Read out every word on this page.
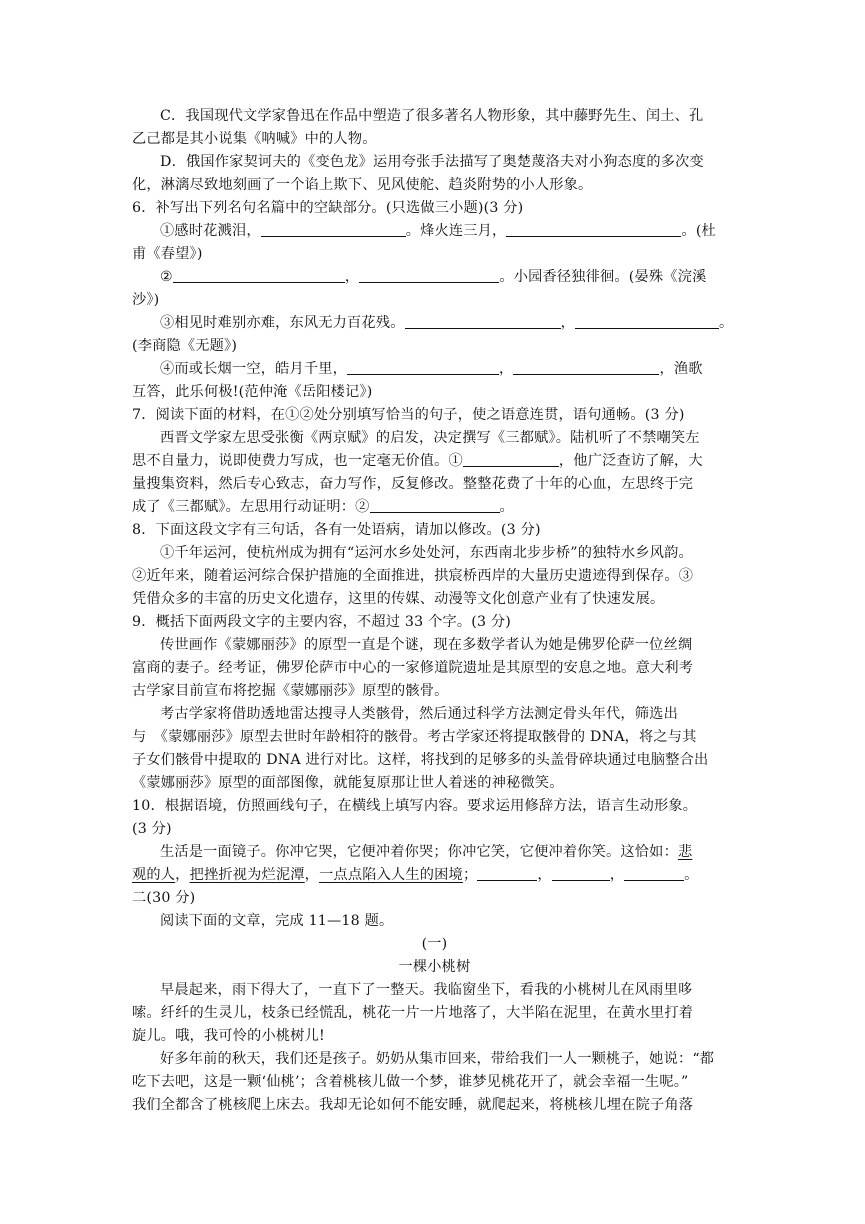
C．我国现代文学家鲁迅在作品中塑造了很多著名人物形象，其中藤野先生、闰土、孔
乙己都是其小说集《呐喊》中的人物。
D．俄国作家契诃夫的《变色龙》运用夸张手法描写了奥楚蔑洛夫对小狗态度的多次变
化，淋漓尽致地刻画了一个谄上欺下、见风使舵、趋炎附势的小人形象。
6．补写出下列名句名篇中的空缺部分。(只选做三小题)(3 分)
①感时花溅泪，	。烽火连三月，	。(杜
甫《春望》)
②	，	。小园香径独徘徊。(晏殊《浣溪
沙》)
③相见时难别亦难，东风无力百花残。	，	。
(李商隐《无题》)
④而或长烟一空，皓月千里，	，	，渔歌
互答，此乐何极!(范仲淹《岳阳楼记》)
7．阅读下面的材料，在①②处分别填写恰当的句子，使之语意连贯，语句通畅。(3 分)
西晋文学家左思受张衡《两京赋》的启发，决定撰写《三都赋》。陆机听了不禁嘲笑左
思不自量力，说即使费力写成，也一定毫无价值。①	，他广泛查访了解，大
量搜集资料，然后专心致志，奋力写作，反复修改。整整花费了十年的心血，左思终于完
成了《三都赋》。左思用行动证明：②	。
8．下面这段文字有三句话，各有一处语病，请加以修改。(3 分)
①千年运河，使杭州成为拥有“运河水乡处处河，东西南北步步桥”的独特水乡风韵。
②近年来，随着运河综合保护措施的全面推进，拱宸桥西岸的大量历史遗迹得到保存。③
凭借众多的丰富的历史文化遗存，这里的传媒、动漫等文化创意产业有了快速发展。
9．概括下面两段文字的主要内容，不超过 33 个字。(3 分)
传世画作《蒙娜丽莎》的原型一直是个谜，现在多数学者认为她是佛罗伦萨一位丝绸
富商的妻子。经考证，佛罗伦萨市中心的一家修道院遗址是其原型的安息之地。意大利考
古学家目前宣布将挖掘《蒙娜丽莎》原型的骸骨。
考古学家将借助透地雷达搜寻人类骸骨，然后通过科学方法测定骨头年代，筛选出
与　《蒙娜丽莎》原型去世时年龄相符的骸骨。考古学家还将提取骸骨的 DNA，将之与其
子女们骸骨中提取的 DNA 进行对比。这样，将找到的足够多的头盖骨碎块通过电脑整合出
《蒙娜丽莎》原型的面部图像，就能复原那让世人着迷的神秘微笑。
10．根据语境，仿照画线句子，在横线上填写内容。要求运用修辞方法，语言生动形象。
(3 分)
生活是一面镜子。你冲它哭，它便冲着你哭；你冲它笑，它便冲着你笑。这恰如：悲
观的人，把挫折视为烂泥潭，一点点陷入人生的困境；	，	，	。
二(30 分)
阅读下面的文章，完成 11—18 题。
(一)
一棵小桃树
早晨起来，雨下得大了，一直下了一整天。我临窗坐下，看我的小桃树儿在风雨里哆
嗦。纤纤的生灵儿，枝条已经慌乱，桃花一片一片地落了，大半陷在泥里，在黄水里打着
旋儿。哦，我可怜的小桃树儿!
好多年前的秋天，我们还是孩子。奶奶从集市回来，带给我们一人一颗桃子，她说：“都
吃下去吧，这是一颗‘仙桃’；含着桃核儿做一个梦，谁梦见桃花开了，就会幸福一生呢。”
我们全都含了桃核爬上床去。我却无论如何不能安睡，就爬起来，将桃核儿埋在院子角落
